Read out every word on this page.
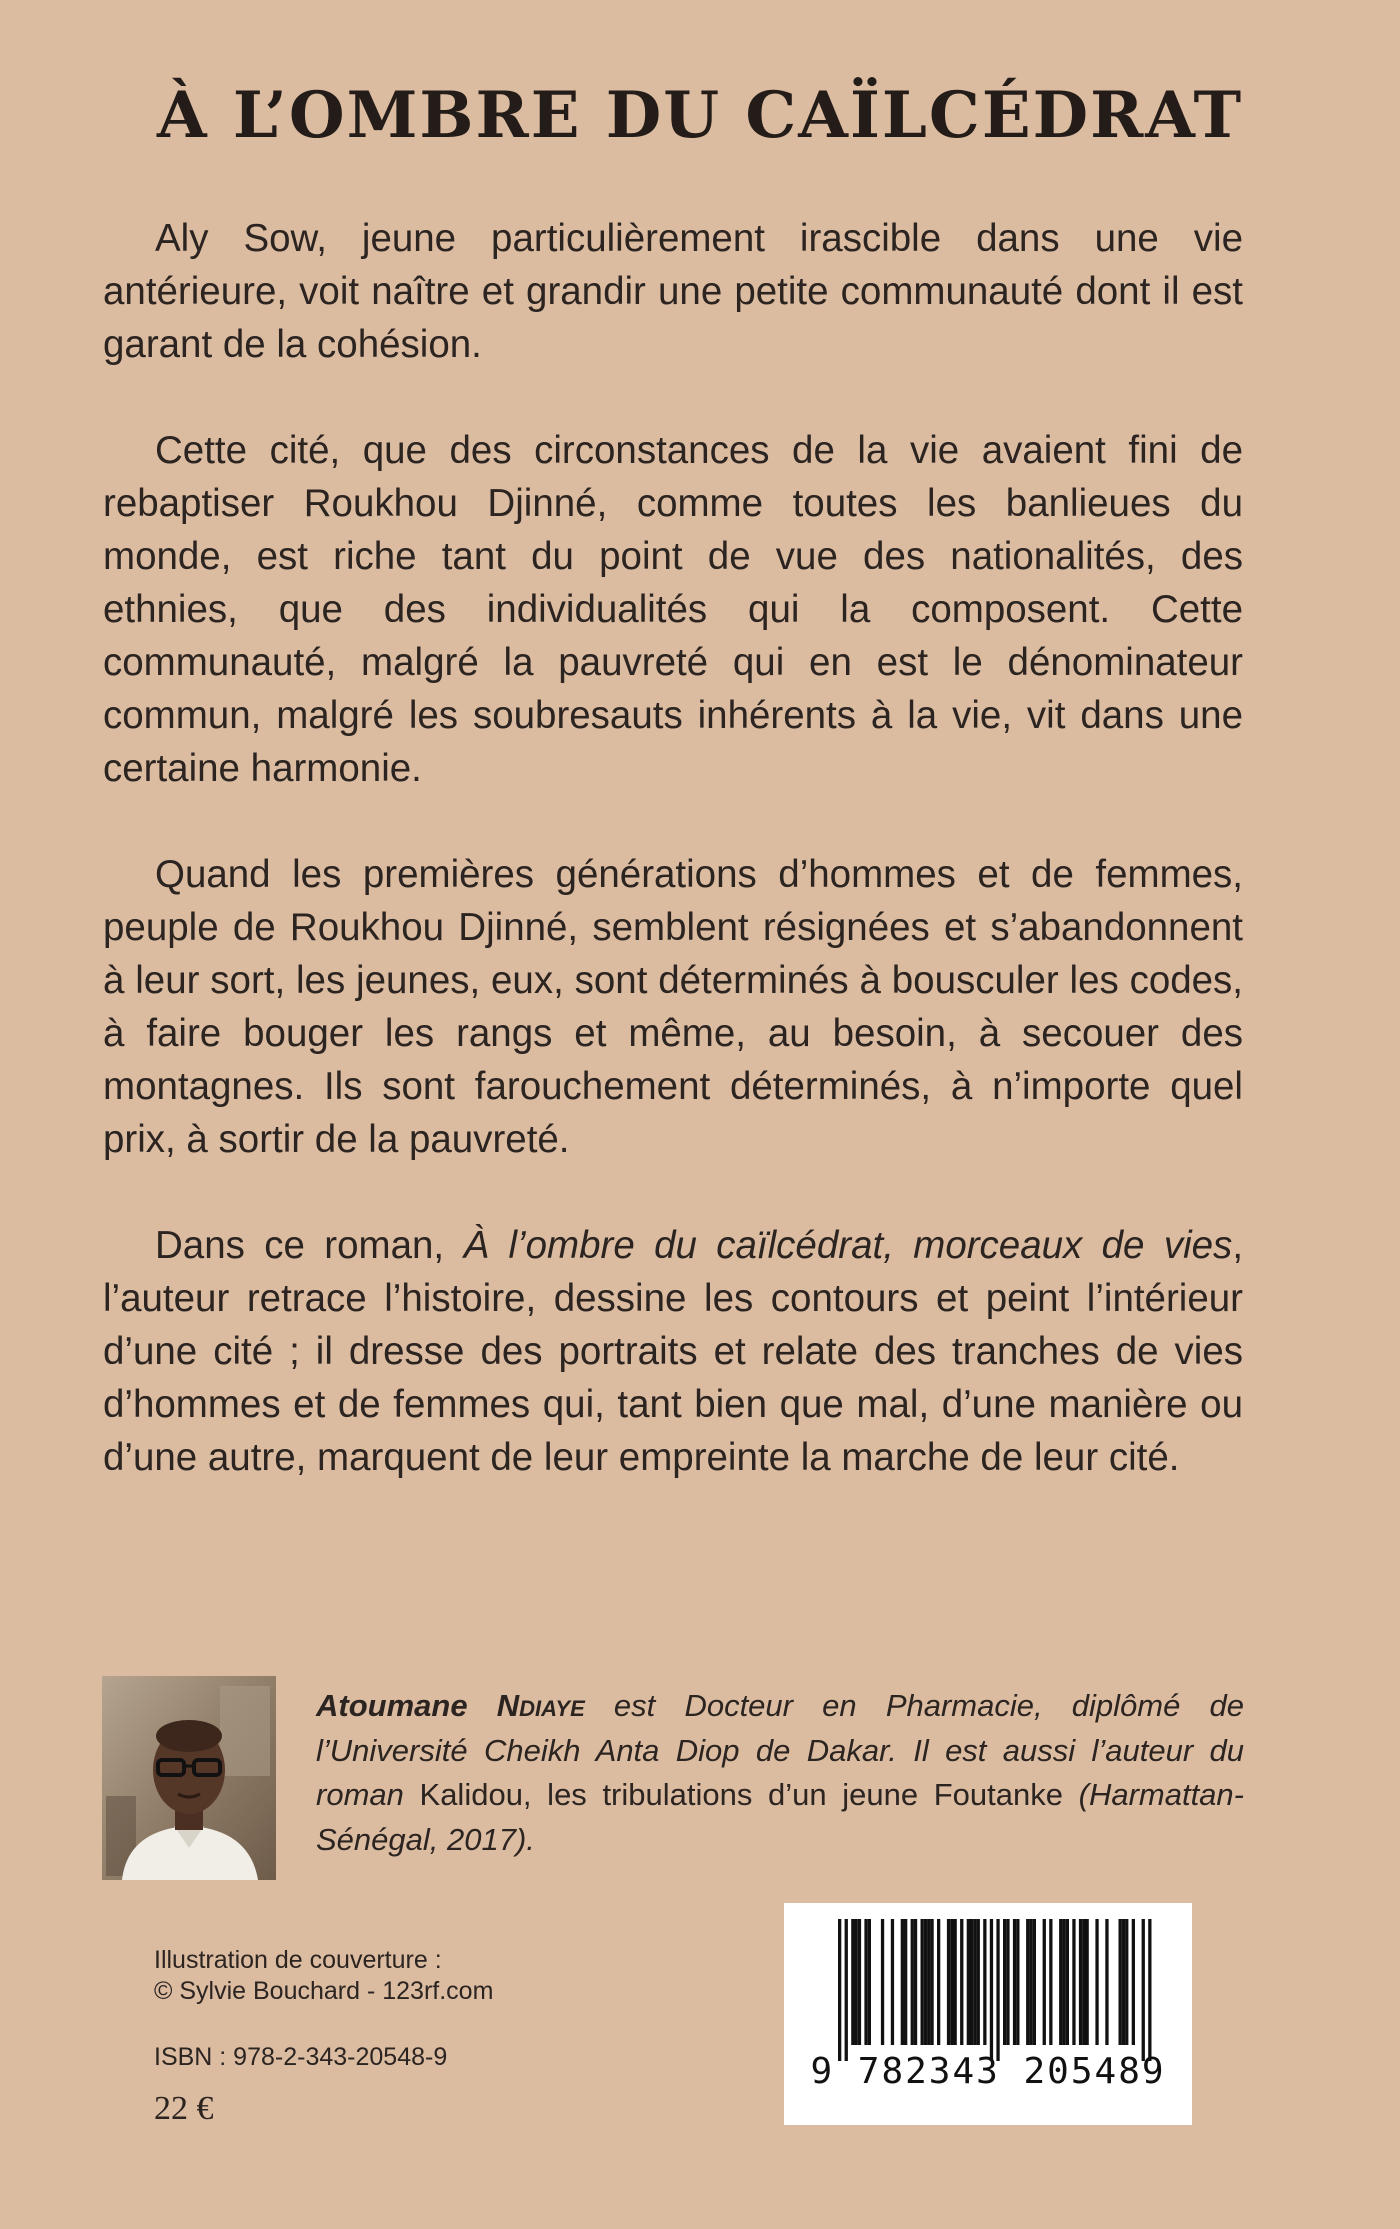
À L’OMBRE DU CAÏLCÉDRAT

Aly Sow, jeune particulièrement irascible dans une vie antérieure, voit naître et grandir une petite communauté dont il est garant de la cohésion.

Cette cité, que des circonstances de la vie avaient fini de rebaptiser Roukhou Djinné, comme toutes les banlieues du monde, est riche tant du point de vue des nationalités, des ethnies, que des individualités qui la composent. Cette communauté, malgré la pauvreté qui en est le dénominateur commun, malgré les soubresauts inhérents à la vie, vit dans une certaine harmonie.

Quand les premières générations d’hommes et de femmes, peuple de Roukhou Djinné, semblent résignées et s’abandonnent à leur sort, les jeunes, eux, sont déterminés à bousculer les codes, à faire bouger les rangs et même, au besoin, à secouer des montagnes. Ils sont farouchement déterminés, à n’importe quel prix, à sortir de la pauvreté.

Dans ce roman, À l’ombre du caïlcédrat, morceaux de vies, l’auteur retrace l’histoire, dessine les contours et peint l’intérieur d’une cité ; il dresse des portraits et relate des tranches de vies d’hommes et de femmes qui, tant bien que mal, d’une manière ou d’une autre, marquent de leur empreinte la marche de leur cité.

Atoumane Ndiaye est Docteur en Pharmacie, diplômé de l’Université Cheikh Anta Diop de Dakar. Il est aussi l’auteur du roman Kalidou, les tribulations d’un jeune Foutanke (Harmattan-Sénégal, 2017).
Illustration de couverture :
© Sylvie Bouchard - 123rf.com
ISBN : 978-2-343-20548-9
22 €
9 782343 205489
